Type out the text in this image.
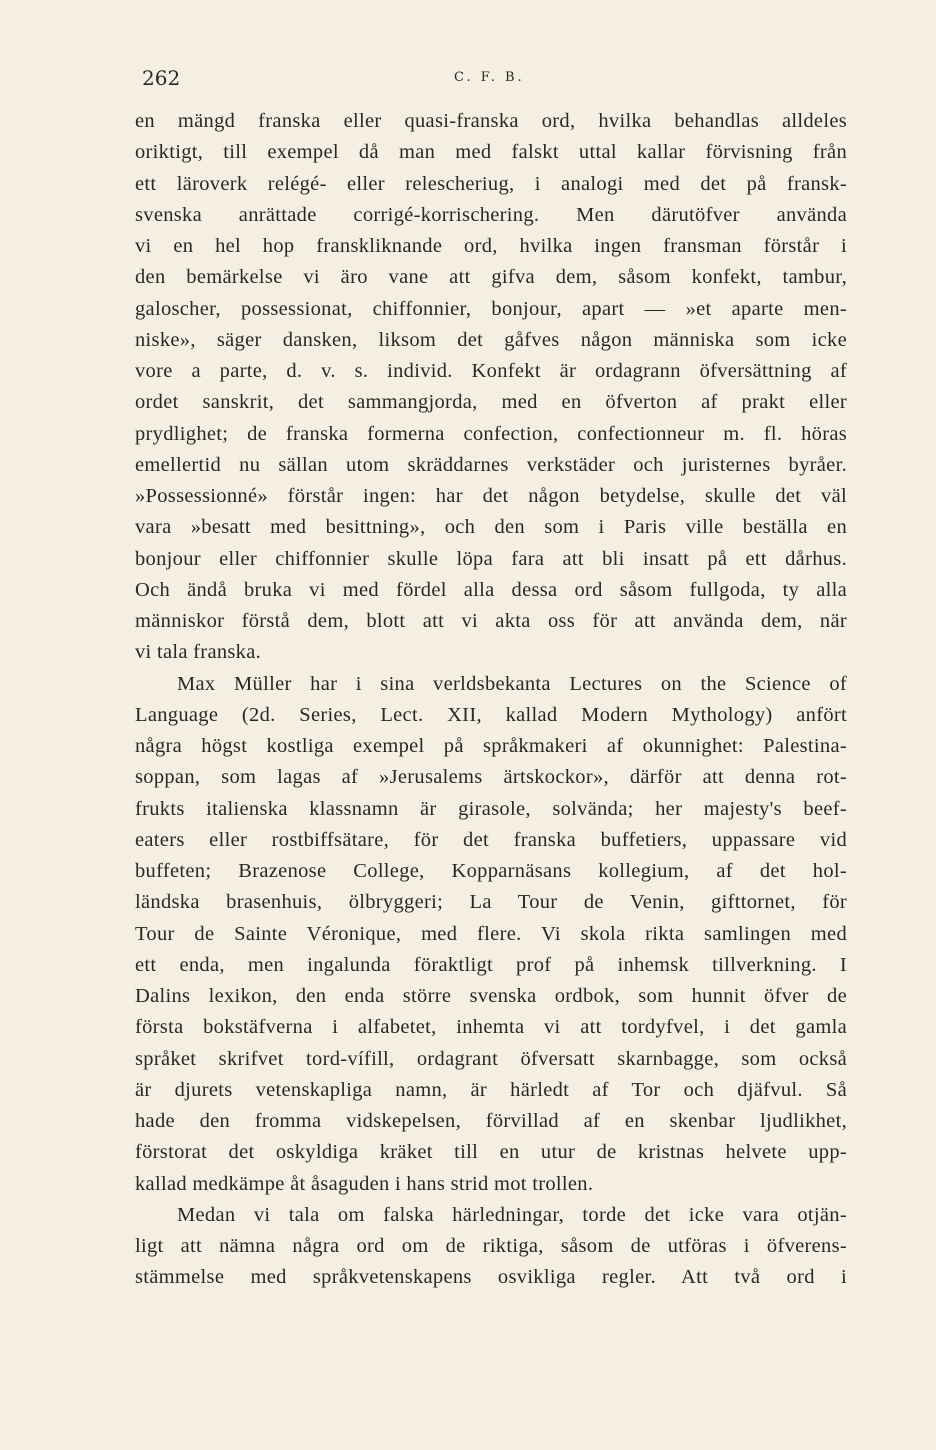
262	C. F. B.
en mängd franska eller quasi-franska ord, hvilka behandlas alldeles
oriktigt, till exempel då man med falskt uttal kallar förvisning från
ett läroverk relégé- eller relescheriug, i analogi med det på fransk-
svenska anrättade corrigé-korrischering. Men därutöfver använda
vi en hel hop franskliknande ord, hvilka ingen fransman förstår i
den bemärkelse vi äro vane att gifva dem, såsom konfekt, tambur,
galoscher, possessionat, chiffonnier, bonjour, apart — »et aparte men-
niske», säger dansken, liksom det gåfves någon människa som icke
vore a parte, d. v. s. individ. Konfekt är ordagrann öfversättning af
ordet sanskrit, det sammangjorda, med en öfverton af prakt eller
prydlighet; de franska formerna confection, confectionneur m. fl. höras
emellertid nu sällan utom skräddarnes verkstäder och juristernes byråer.
»Possessionné» förstår ingen: har det någon betydelse, skulle det väl
vara »besatt med besittning», och den som i Paris ville beställa en
bonjour eller chiffonnier skulle löpa fara att bli insatt på ett dårhus.
Och ändå bruka vi med fördel alla dessa ord såsom fullgoda, ty alla
människor förstå dem, blott att vi akta oss för att använda dem, när
vi tala franska.
Max Müller har i sina verldsbekanta Lectures on the Science of
Language (2d. Series, Lect. XII, kallad Modern Mythology) anfört
några högst kostliga exempel på språkmakeri af okunnighet: Palestina-
soppan, som lagas af »Jerusalems ärtskockor», därför att denna rot-
frukts italienska klassnamn är girasole, solvända; her majesty's beef-
eaters eller rostbiffsätare, för det franska buffetiers, uppassare vid
buffeten; Brazenose College, Kopparnäsans kollegium, af det hol-
ländska brasenhuis, ölbryggeri; La Tour de Venin, gifttornet, för
Tour de Sainte Véronique, med flere. Vi skola rikta samlingen med
ett enda, men ingalunda föraktligt prof på inhemsk tillverkning. I
Dalins lexikon, den enda större svenska ordbok, som hunnit öfver de
första bokstäfverna i alfabetet, inhemta vi att tordyfvel, i det gamla
språket skrifvet tord-vífill, ordagrant öfversatt skarnbagge, som också
är djurets vetenskapliga namn, är härledt af Tor och djäfvul. Så
hade den fromma vidskepelsen, förvillad af en skenbar ljudlikhet,
förstorat det oskyldiga kräket till en utur de kristnas helvete upp-
kallad medkämpe åt åsaguden i hans strid mot trollen.
Medan vi tala om falska härledningar, torde det icke vara otjän-
ligt att nämna några ord om de riktiga, såsom de utföras i öfverens-
stämmelse med språkvetenskapens osvikliga regler. Att två ord i
